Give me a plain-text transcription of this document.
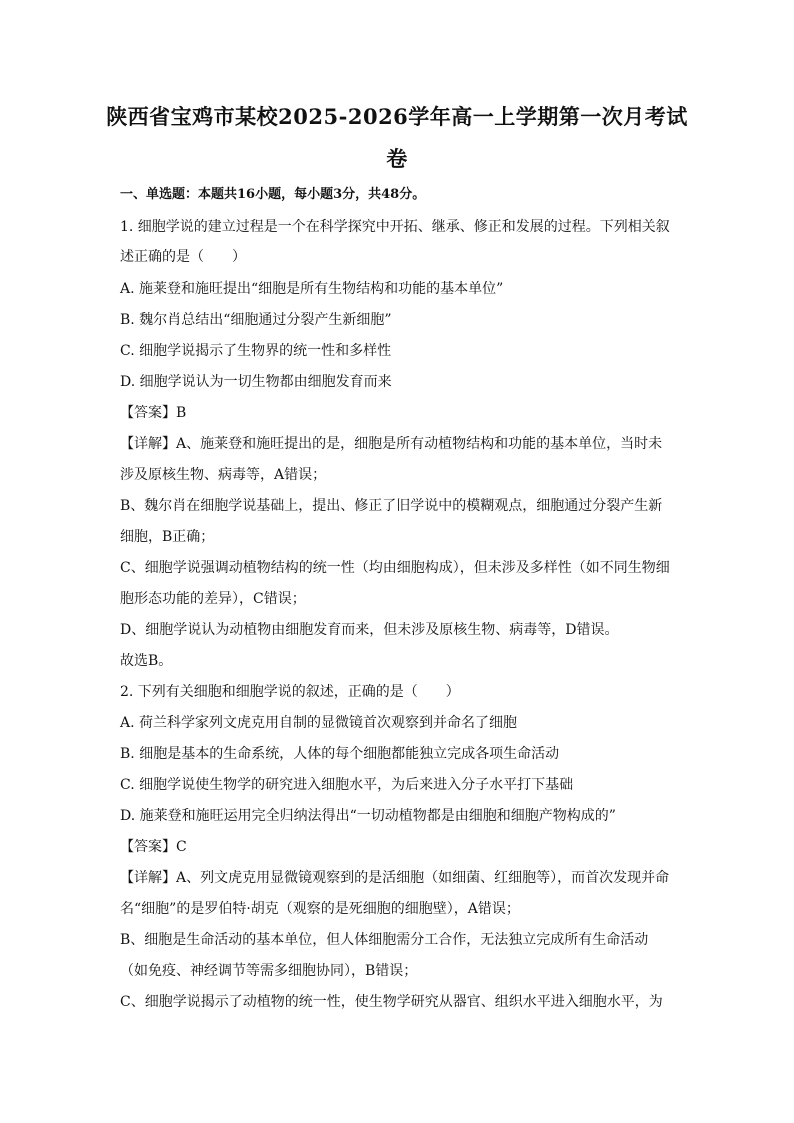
陕西省宝鸡市某校2025-2026学年高一上学期第一次月考试
卷
一、单选题：本题共16小题，每小题3分，共48分。
1. 细胞学说的建立过程是一个在科学探究中开拓、继承、修正和发展的过程。下列相关叙
述正确的是（　　）
A. 施莱登和施旺提出“细胞是所有生物结构和功能的基本单位”
B. 魏尔肖总结出“细胞通过分裂产生新细胞”
C. 细胞学说揭示了生物界的统一性和多样性
D. 细胞学说认为一切生物都由细胞发育而来
【答案】B
【详解】A、施莱登和施旺提出的是，细胞是所有动植物结构和功能的基本单位，当时未
涉及原核生物、病毒等，A错误；
B、魏尔肖在细胞学说基础上，提出、修正了旧学说中的模糊观点，细胞通过分裂产生新
细胞，B正确；
C、细胞学说强调动植物结构的统一性（均由细胞构成），但未涉及多样性（如不同生物细
胞形态功能的差异），C错误；
D、细胞学说认为动植物由细胞发育而来，但未涉及原核生物、病毒等，D错误。
故选B。
2. 下列有关细胞和细胞学说的叙述，正确的是（　　）
A. 荷兰科学家列文虎克用自制的显微镜首次观察到并命名了细胞
B. 细胞是基本的生命系统，人体的每个细胞都能独立完成各项生命活动
C. 细胞学说使生物学的研究进入细胞水平，为后来进入分子水平打下基础
D. 施莱登和施旺运用完全归纳法得出“一切动植物都是由细胞和细胞产物构成的”
【答案】C
【详解】A、列文虎克用显微镜观察到的是活细胞（如细菌、红细胞等），而首次发现并命
名“细胞”的是罗伯特·胡克（观察的是死细胞的细胞壁），A错误；
B、细胞是生命活动的基本单位，但人体细胞需分工合作，无法独立完成所有生命活动
（如免疫、神经调节等需多细胞协同），B错误；
C、细胞学说揭示了动植物的统一性，使生物学研究从器官、组织水平进入细胞水平，为
